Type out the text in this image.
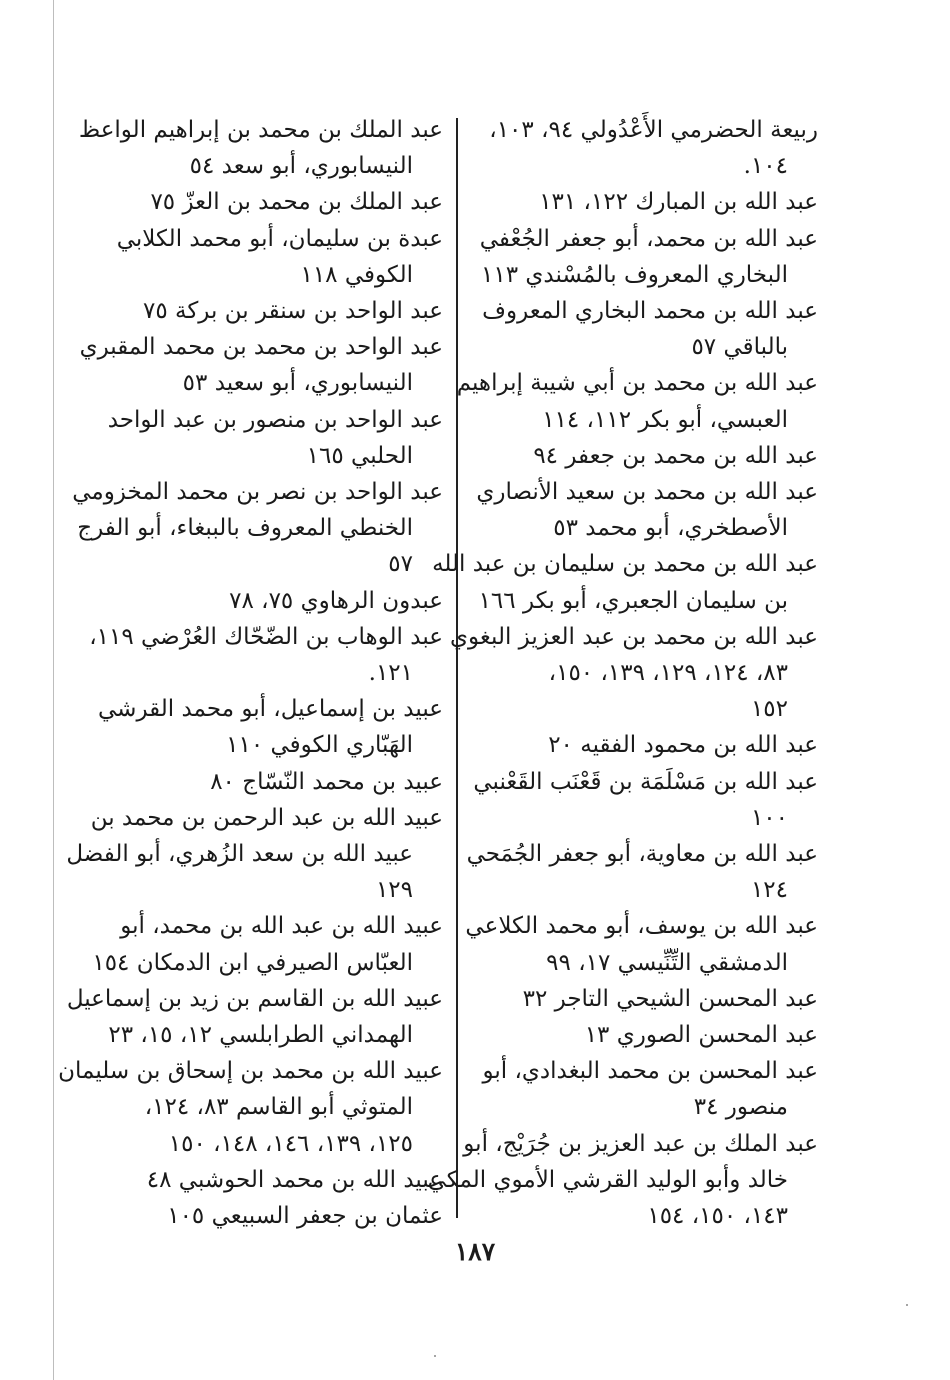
ربيعة الحضرمي الأَعْدُولي ٩٤، ١٠٣،
١٠٤.
عبد الله بن المبارك ١٢٢، ١٣١
عبد الله بن محمد، أبو جعفر الجُعْفي
البخاري المعروف بالمُسْندي ١١٣
عبد الله بن محمد البخاري المعروف
بالباقي ٥٧
عبد الله بن محمد بن أبي شيبة إبراهيم
العبسي، أبو بكر ١١٢، ١١٤
عبد الله بن محمد بن جعفر ٩٤
عبد الله بن محمد بن سعيد الأنصاري
الأصطخري، أبو محمد ٥٣
عبد الله بن محمد بن سليمان بن عبد الله
بن سليمان الجعبري، أبو بكر ١٦٦
عبد الله بن محمد بن عبد العزيز البغوي
٨٣، ١٢٤، ١٢٩، ١٣٩، ١٥٠،
١٥٢
عبد الله بن محمود الفقيه ٢٠
عبد الله بن مَسْلَمَة بن قَعْنَب القَعْنبي
١٠٠
عبد الله بن معاوية، أبو جعفر الجُمَحي
١٢٤
عبد الله بن يوسف، أبو محمد الكلاعي
الدمشقي التِّنِّيسي ١٧، ٩٩
عبد المحسن الشيحي التاجر ٣٢
عبد المحسن الصوري ١٣
عبد المحسن بن محمد البغدادي، أبو
منصور ٣٤
عبد الملك بن عبد العزيز بن جُرَيْج، أبو
خالد وأبو الوليد القرشي الأموي المكي
١٤٣، ١٥٠، ١٥٤
عبد الملك بن محمد بن إبراهيم الواعظ
النيسابوري، أبو سعد ٥٤
عبد الملك بن محمد بن العزّ ٧٥
عبدة بن سليمان، أبو محمد الكلابي
الكوفي ١١٨
عبد الواحد بن سنقر بن بركة ٧٥
عبد الواحد بن محمد بن محمد المقبري
النيسابوري، أبو سعيد ٥٣
عبد الواحد بن منصور بن عبد الواحد
الحلبي ١٦٥
عبد الواحد بن نصر بن محمد المخزومي
الخنطي المعروف بالببغاء، أبو الفرج
٥٧
عبدون الرهاوي ٧٥، ٧٨
عبد الوهاب بن الضّحّاك العُرْضي ١١٩،
١٢١.
عبيد بن إسماعيل، أبو محمد القرشي
الهَبّاري الكوفي ١١٠
عبيد بن محمد النّسّاج ٨٠
عبيد الله بن عبد الرحمن بن محمد بن
عبيد الله بن سعد الزُهري، أبو الفضل
١٢٩
عبيد الله بن عبد الله بن محمد، أبو
العبّاس الصيرفي ابن الدمكان ١٥٤
عبيد الله بن القاسم بن زيد بن إسماعيل
الهمداني الطرابلسي ١٢، ١٥، ٢٣
عبيد الله بن محمد بن إسحاق بن سليمان
المتوثي أبو القاسم ٨٣، ١٢٤،
١٢٥، ١٣٩، ١٤٦، ١٤٨، ١٥٠
عبيد الله بن محمد الحوشبي ٤٨
عثمان بن جعفر السبيعي ١٠٥
١٨٧
